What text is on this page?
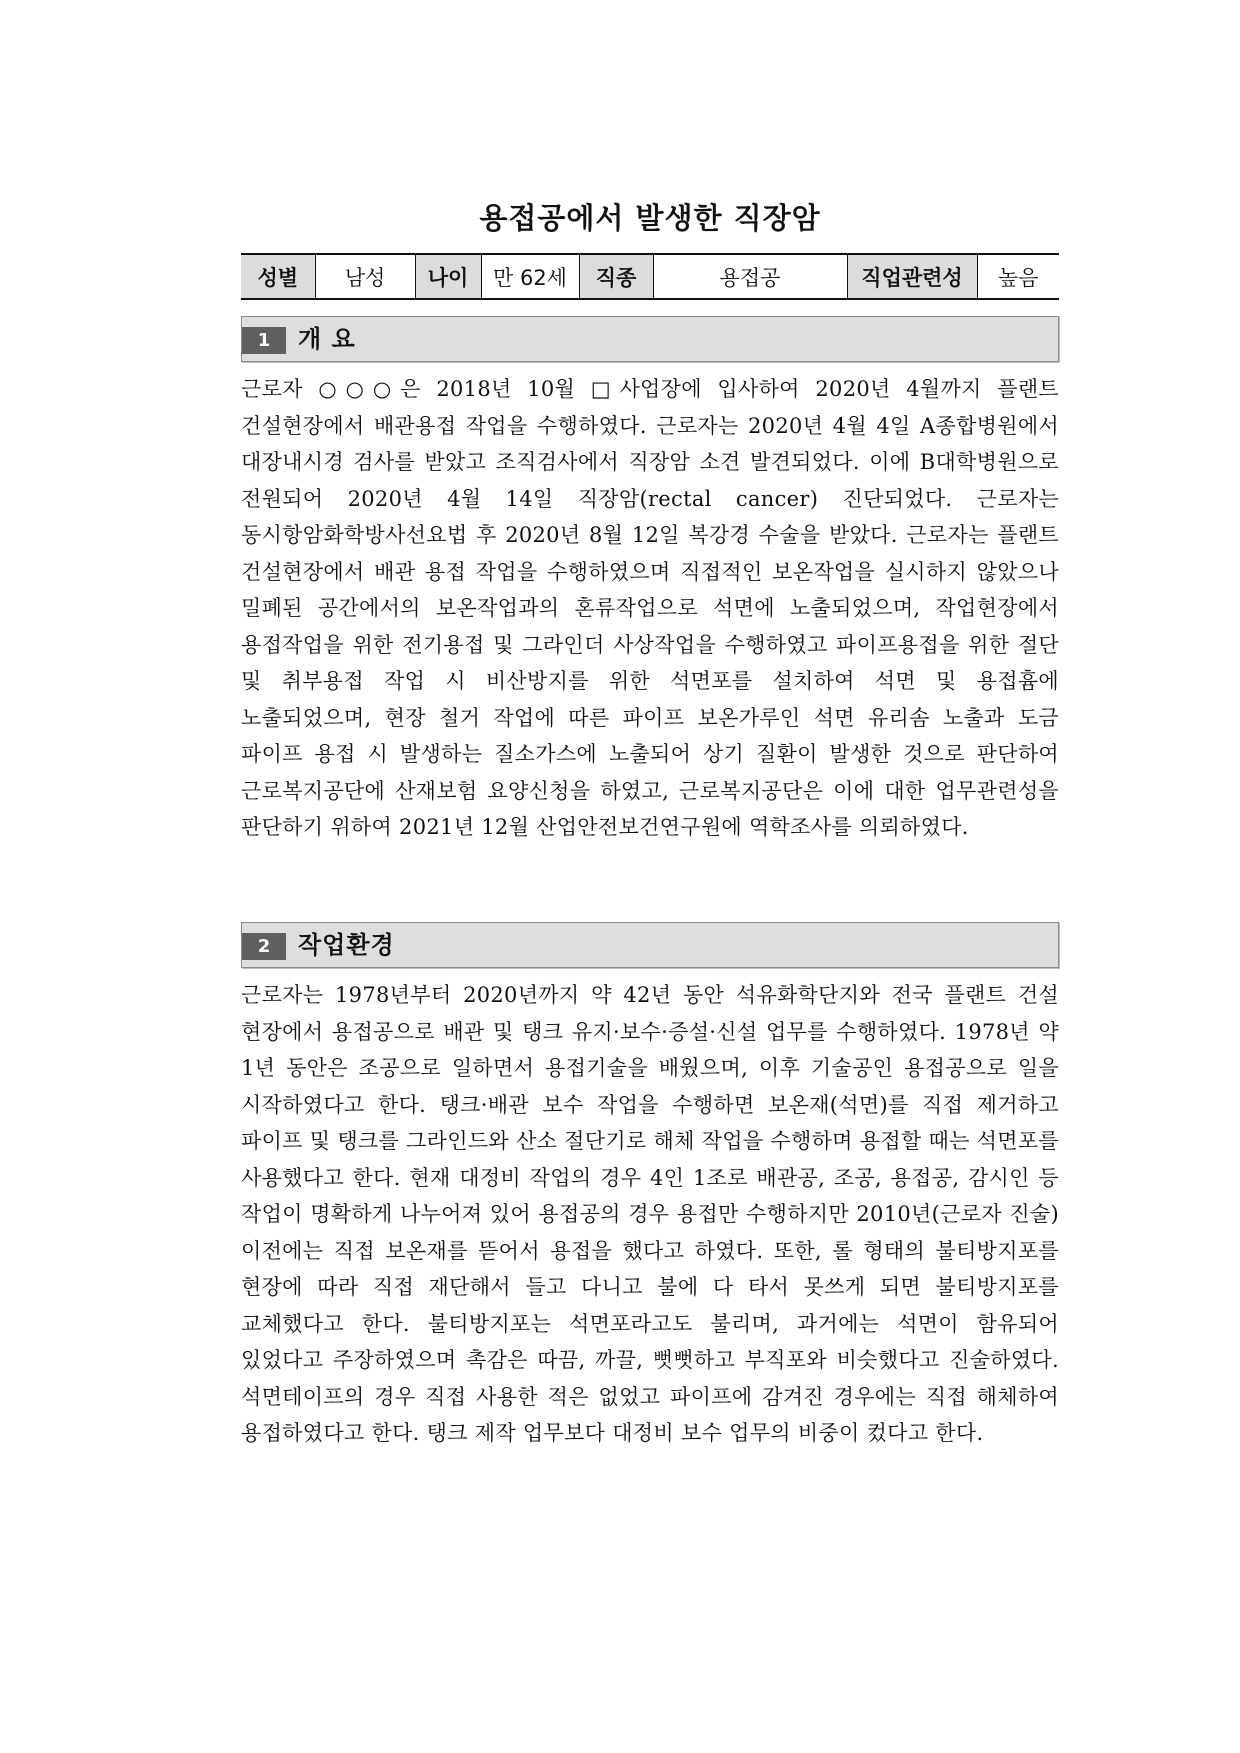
용접공에서 발생한 직장암
성별	남성	나이	만 62세	직종	용접공	직업관련성	높음
1	개 요

근로자 ○○○은 2018년 10월 □사업장에 입사하여 2020년 4월까지 플랜트 건설현장에서 배관용접 작업을 수행하였다. 근로자는 2020년 4월 4일 A종합병원에서 대장내시경 검사를 받았고 조직검사에서 직장암 소견 발견되었다. 이에 B대학병원으로 전원되어 2020년 4월 14일 직장암(rectal cancer) 진단되었다. 근로자는 동시항암화학방사선요법 후 2020년 8월 12일 복강경 수술을 받았다. 근로자는 플랜트 건설현장에서 배관 용접 작업을 수행하였으며 직접적인 보온작업을 실시하지 않았으나 밀폐된 공간에서의 보온작업과의 혼류작업으로 석면에 노출되었으며, 작업현장에서 용접작업을 위한 전기용접 및 그라인더 사상작업을 수행하였고 파이프용접을 위한 절단 및 취부용접 작업 시 비산방지를 위한 석면포를 설치하여 석면 및 용접흄에 노출되었으며, 현장 철거 작업에 따른 파이프 보온가루인 석면 유리솜 노출과 도금 파이프 용접 시 발생하는 질소가스에 노출되어 상기 질환이 발생한 것으로 판단하여 근로복지공단에 산재보험 요양신청을 하였고, 근로복지공단은 이에 대한 업무관련성을 판단하기 위하여 2021년 12월 산업안전보건연구원에 역학조사를 의뢰하였다.

2	작업환경

근로자는 1978년부터 2020년까지 약 42년 동안 석유화학단지와 전국 플랜트 건설 현장에서 용접공으로 배관 및 탱크 유지·보수·증설·신설 업무를 수행하였다. 1978년 약 1년 동안은 조공으로 일하면서 용접기술을 배웠으며, 이후 기술공인 용접공으로 일을 시작하였다고 한다. 탱크·배관 보수 작업을 수행하면 보온재(석면)를 직접 제거하고 파이프 및 탱크를 그라인드와 산소 절단기로 해체 작업을 수행하며 용접할 때는 석면포를 사용했다고 한다. 현재 대정비 작업의 경우 4인 1조로 배관공, 조공, 용접공, 감시인 등 작업이 명확하게 나누어져 있어 용접공의 경우 용접만 수행하지만 2010년(근로자 진술) 이전에는 직접 보온재를 뜯어서 용접을 했다고 하였다. 또한, 롤 형태의 불티방지포를 현장에 따라 직접 재단해서 들고 다니고 불에 다 타서 못쓰게 되면 불티방지포를 교체했다고 한다. 불티방지포는 석면포라고도 불리며, 과거에는 석면이 함유되어 있었다고 주장하였으며 촉감은 따끔, 까끌, 뻣뻣하고 부직포와 비슷했다고 진술하였다. 석면테이프의 경우 직접 사용한 적은 없었고 파이프에 감겨진 경우에는 직접 해체하여 용접하였다고 한다. 탱크 제작 업무보다 대정비 보수 업무의 비중이 컸다고 한다.
